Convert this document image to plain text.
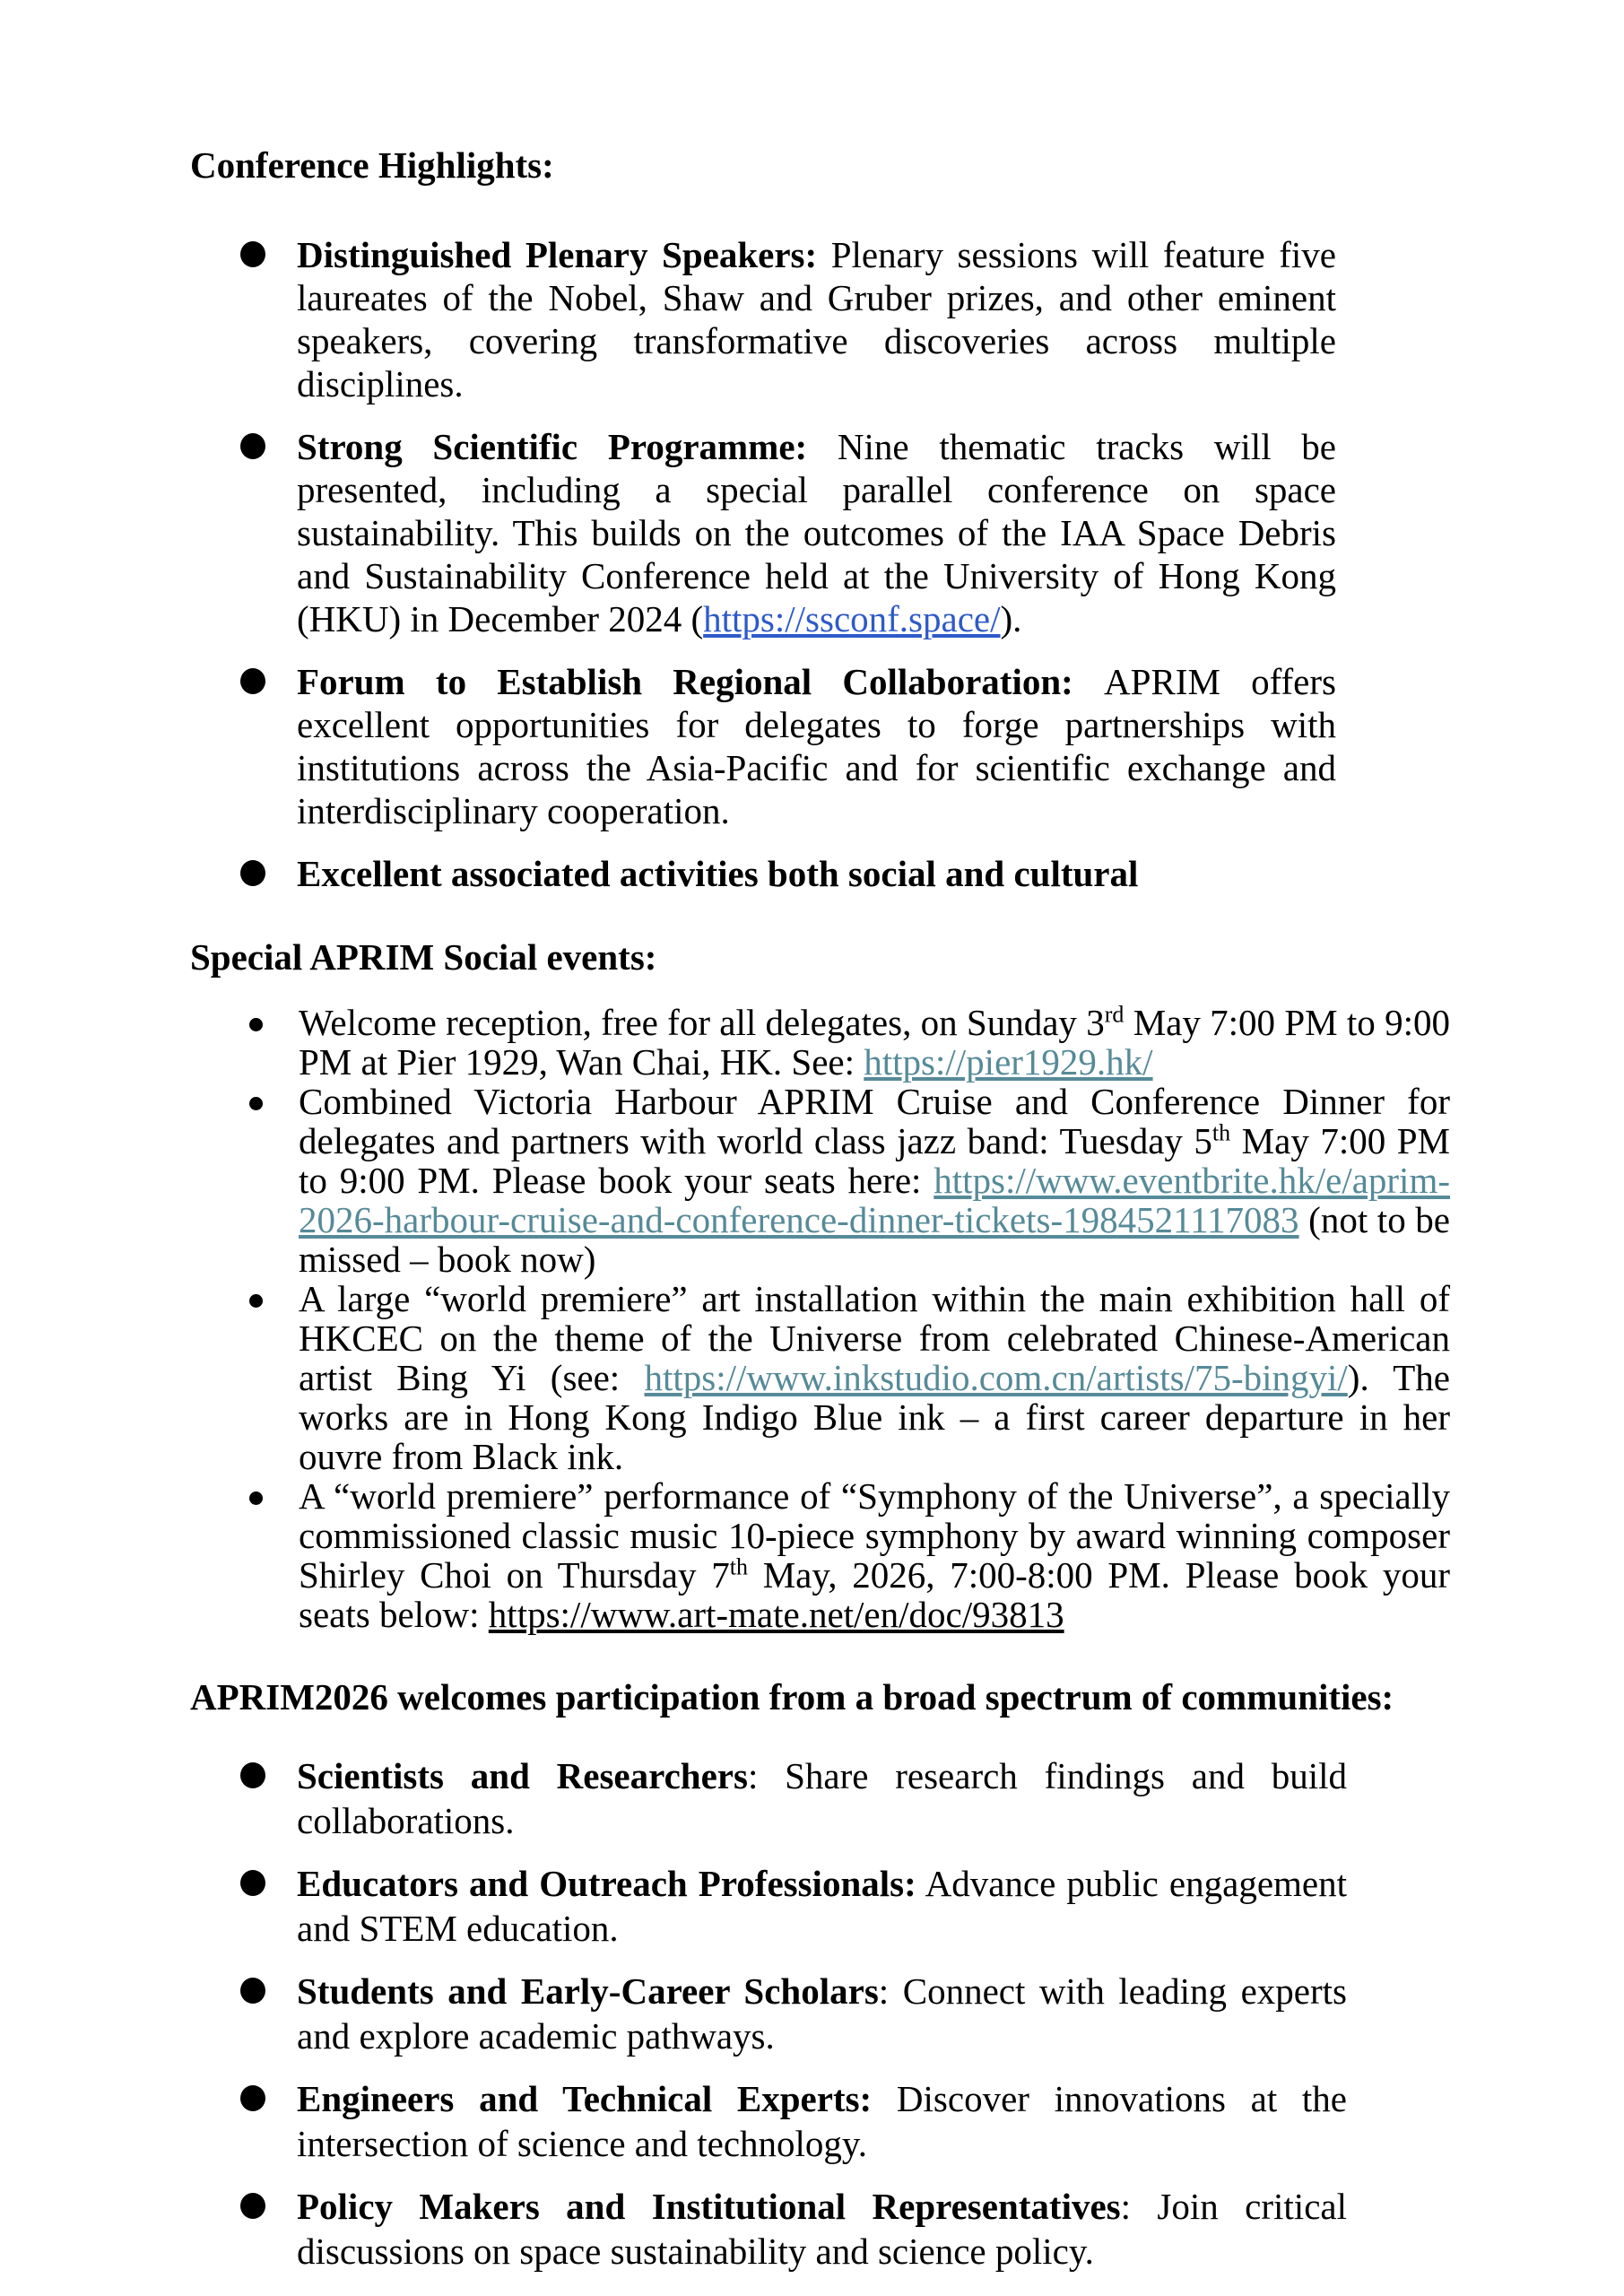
Conference Highlights:
Distinguished Plenary Speakers: Plenary sessions will feature five laureates of the Nobel, Shaw and Gruber prizes, and other eminent speakers, covering transformative discoveries across multiple disciplines.
Strong Scientific Programme: Nine thematic tracks will be presented, including a special parallel conference on space sustainability. This builds on the outcomes of the IAA Space Debris and Sustainability Conference held at the University of Hong Kong (HKU) in December 2024 (https://ssconf.space/).
Forum to Establish Regional Collaboration: APRIM offers excellent opportunities for delegates to forge partnerships with institutions across the Asia-Pacific and for scientific exchange and interdisciplinary cooperation.
Excellent associated activities both social and cultural
Special APRIM Social events:
Welcome reception, free for all delegates, on Sunday 3rd May 7:00 PM to 9:00 PM at Pier 1929, Wan Chai, HK. See: https://pier1929.hk/
Combined Victoria Harbour APRIM Cruise and Conference Dinner for delegates and partners with world class jazz band: Tuesday 5th May 7:00 PM to 9:00 PM. Please book your seats here: https://www.eventbrite.hk/e/aprim-2026-harbour-cruise-and-conference-dinner-tickets-1984521117083 (not to be missed – book now)
A large “world premiere” art installation within the main exhibition hall of HKCEC on the theme of the Universe from celebrated Chinese-American artist Bing Yi (see: https://www.inkstudio.com.cn/artists/75-bingyi/). The works are in Hong Kong Indigo Blue ink – a first career departure in her ouvre from Black ink.
A “world premiere” performance of “Symphony of the Universe”, a specially commissioned classic music 10-piece symphony by award winning composer Shirley Choi on Thursday 7th May, 2026, 7:00-8:00 PM. Please book your seats below: https://www.art-mate.net/en/doc/93813
APRIM2026 welcomes participation from a broad spectrum of communities:
Scientists and Researchers: Share research findings and build collaborations.
Educators and Outreach Professionals: Advance public engagement and STEM education.
Students and Early-Career Scholars: Connect with leading experts and explore academic pathways.
Engineers and Technical Experts: Discover innovations at the intersection of science and technology.
Policy Makers and Institutional Representatives: Join critical discussions on space sustainability and science policy.
